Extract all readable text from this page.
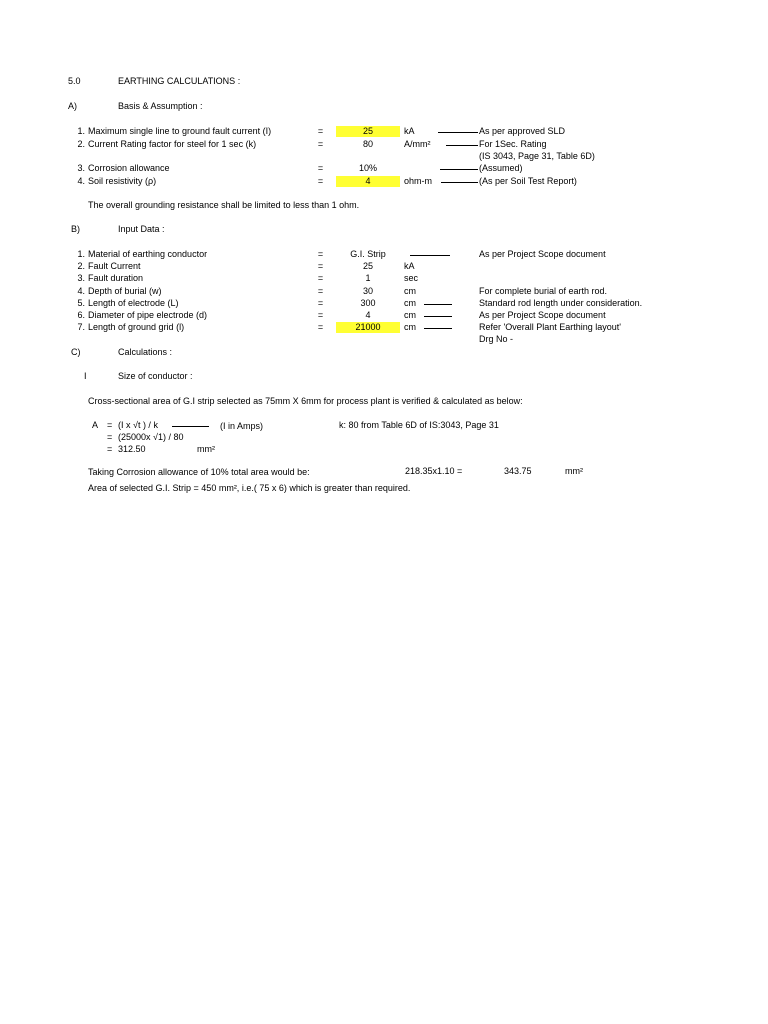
5.0	EARTHING CALCULATIONS :
A)	Basis & Assumption :
1. Maximum single line to ground fault current (I)	=	25	kA	As per approved SLD
2. Current Rating factor for steel for 1 sec (k)	=	80	A/mm²	For 1Sec. Rating
(IS 3043, Page 31, Table 6D)
3. Corrosion allowance	=	10%	(Assumed)
4. Soil resistivity (ρ)	=	4	ohm-m	(As per Soil Test Report)
The overall grounding resistance shall be limited to less than 1 ohm.
B)	Input Data :
1. Material of earthing conductor	=	G.I. Strip	As per Project Scope document
2. Fault Current	=	25	kA
3. Fault duration	=	1	sec
4. Depth of burial (w)	=	30	cm	For complete burial of earth rod.
5. Length of electrode (L)	=	300	cm	Standard rod length under consideration.
6. Diameter of pipe electrode (d)	=	4	cm	As per Project Scope document
7. Length of ground grid (l)	=	21000	cm	Refer 'Overall Plant Earthing layout'
Drg No -
C)	Calculations :
I	Size of conductor :
Cross-sectional area of G.I strip selected as 75mm X 6mm for process plant is verified & calculated as below:
A = (I x √t ) / k	(I in Amps)	k: 80 from Table 6D of IS:3043, Page 31
= (25000x √1) / 80
= 312.50	mm²
Taking Corrosion allowance of 10% total area would be:	218.35x1.10 =	343.75	mm²
Area of selected G.I. Strip = 450 mm², i.e.( 75 x 6) which is greater than required.
